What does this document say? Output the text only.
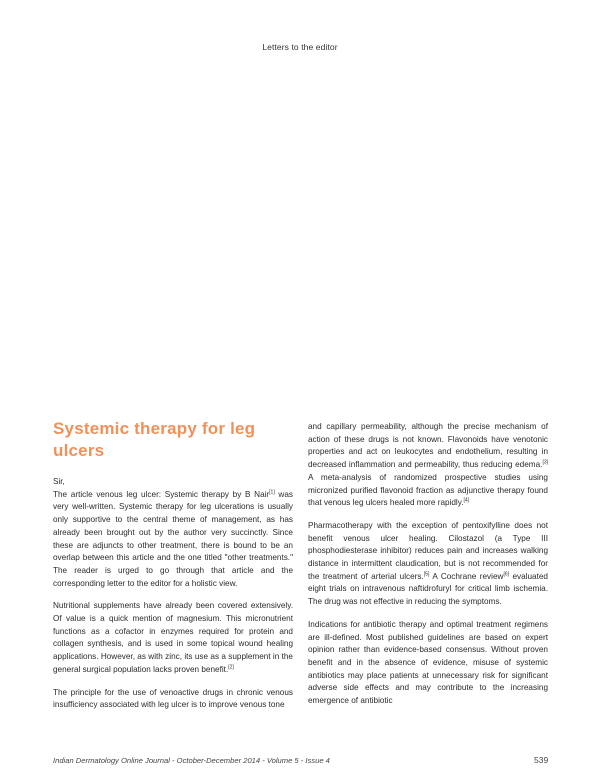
Letters to the editor
Systemic therapy for leg ulcers

Sir,

The article venous leg ulcer: Systemic therapy by B Nair[1] was very well-written. Systemic therapy for leg ulcerations is usually only supportive to the central theme of management, as has already been brought out by the author very succinctly. Since these are adjuncts to other treatment, there is bound to be an overlap between this article and the one titled "other treatments." The reader is urged to go through that article and the corresponding letter to the editor for a holistic view.

Nutritional supplements have already been covered extensively. Of value is a quick mention of magnesium. This micronutrient functions as a cofactor in enzymes required for protein and collagen synthesis, and is used in some topical wound healing applications. However, as with zinc, its use as a supplement in the general surgical population lacks proven benefit.[2]

The principle for the use of venoactive drugs in chronic venous insufficiency associated with leg ulcer is to improve venous tone

and capillary permeability, although the precise mechanism of action of these drugs is not known. Flavonoids have venotonic properties and act on leukocytes and endothelium, resulting in decreased inflammation and permeability, thus reducing edema.[3] A meta-analysis of randomized prospective studies using micronized purified flavonoid fraction as adjunctive therapy found that venous leg ulcers healed more rapidly.[4]

Pharmacotherapy with the exception of pentoxifylline does not benefit venous ulcer healing. Cilostazol (a Type III phosphodiesterase inhibitor) reduces pain and increases walking distance in intermittent claudication, but is not recommended for the treatment of arterial ulcers.[5] A Cochrane review[6] evaluated eight trials on intravenous naftidrofuryl for critical limb ischemia. The drug was not effective in reducing the symptoms.

Indications for antibiotic therapy and optimal treatment regimens are ill-defined. Most published guidelines are based on expert opinion rather than evidence-based consensus. Without proven benefit and in the absence of evidence, misuse of systemic antibiotics may place patients at unnecessary risk for significant adverse side effects and may contribute to the increasing emergence of antibiotic

Indian Dermatology Online Journal - October-December 2014 - Volume 5 - Issue 4	539
